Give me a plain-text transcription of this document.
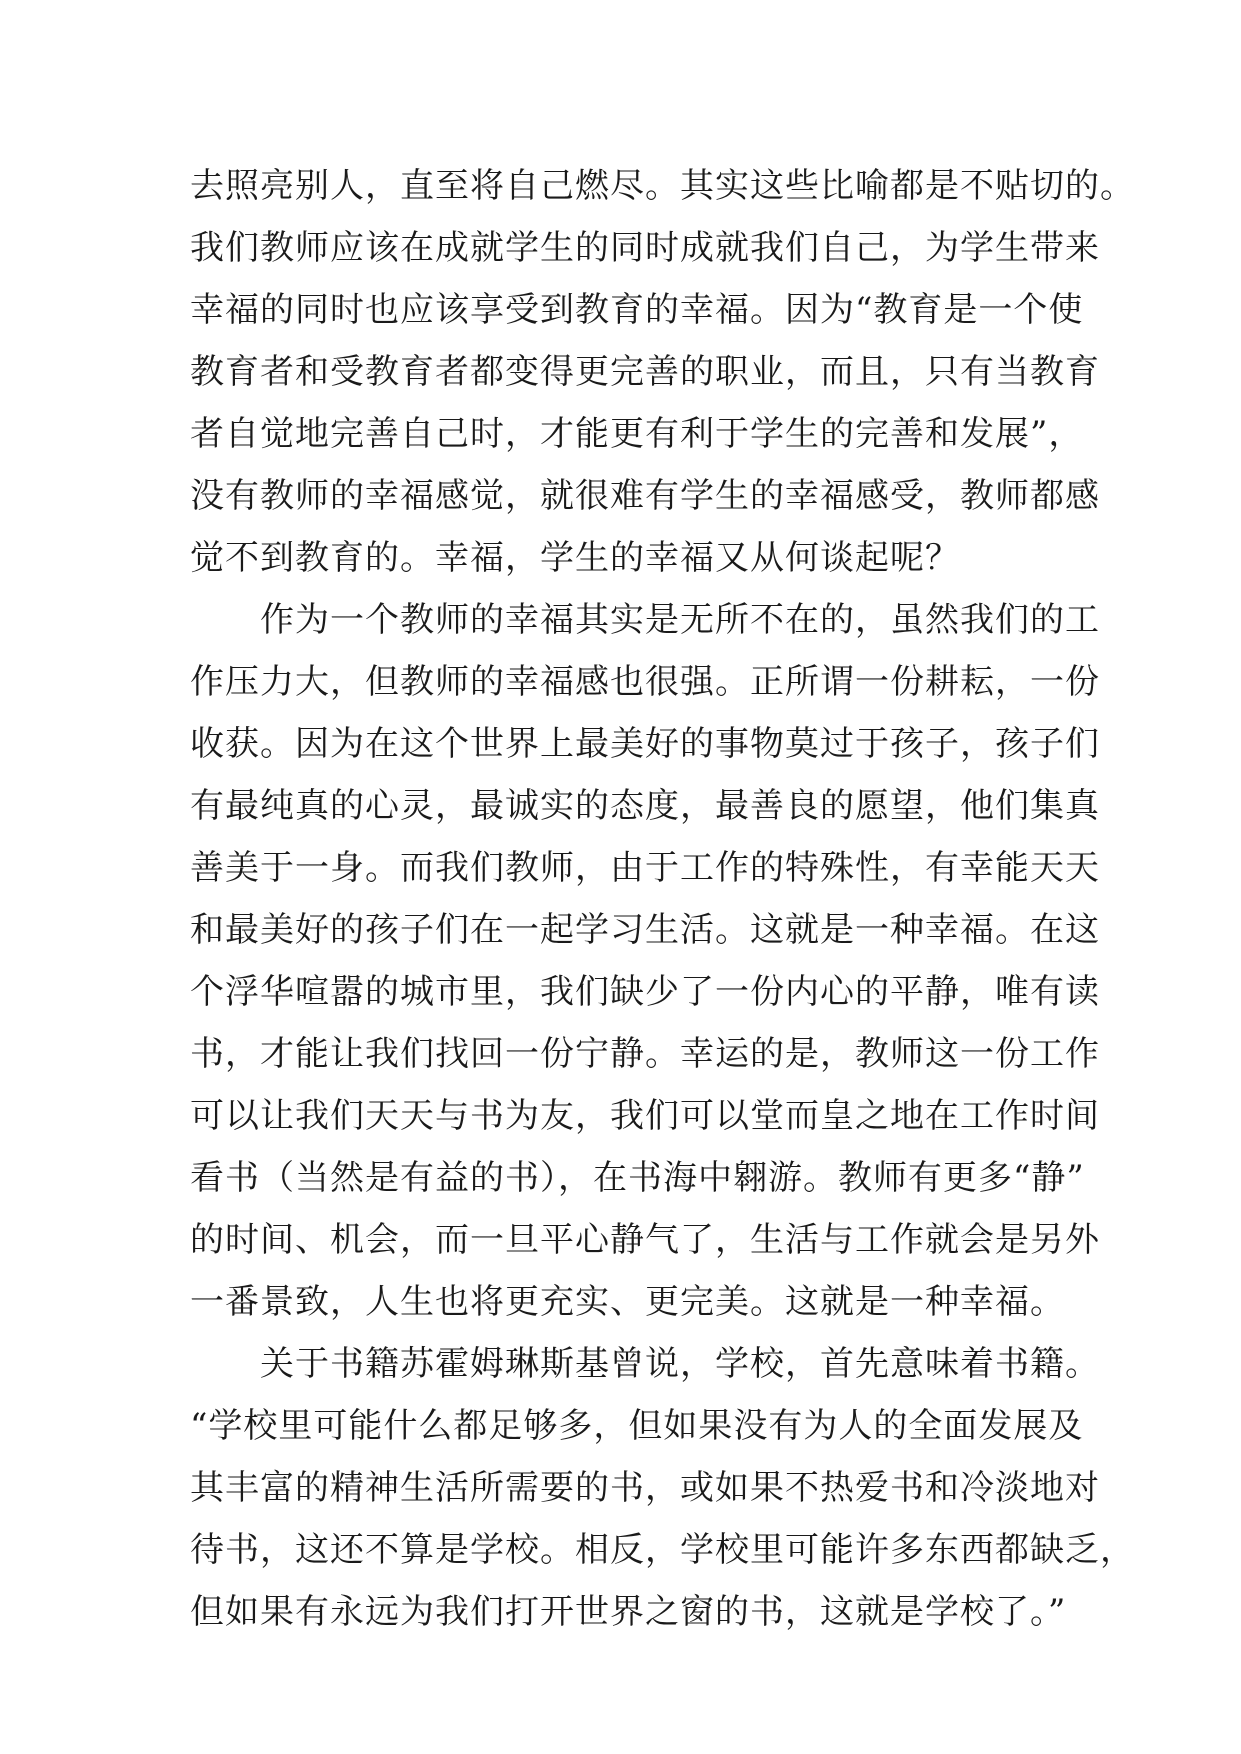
去照亮别人，直至将自己燃尽。其实这些比喻都是不贴切的。
我们教师应该在成就学生的同时成就我们自己，为学生带来
幸福的同时也应该享受到教育的幸福。因为“教育是一个使
教育者和受教育者都变得更完善的职业，而且，只有当教育
者自觉地完善自己时，才能更有利于学生的完善和发展”，
没有教师的幸福感觉，就很难有学生的幸福感受，教师都感
觉不到教育的。幸福，学生的幸福又从何谈起呢？
　　作为一个教师的幸福其实是无所不在的，虽然我们的工
作压力大，但教师的幸福感也很强。正所谓一份耕耘，一份
收获。因为在这个世界上最美好的事物莫过于孩子，孩子们
有最纯真的心灵，最诚实的态度，最善良的愿望，他们集真
善美于一身。而我们教师，由于工作的特殊性，有幸能天天
和最美好的孩子们在一起学习生活。这就是一种幸福。在这
个浮华喧嚣的城市里，我们缺少了一份内心的平静，唯有读
书，才能让我们找回一份宁静。幸运的是，教师这一份工作
可以让我们天天与书为友，我们可以堂而皇之地在工作时间
看书（当然是有益的书），在书海中翱游。教师有更多“静”
的时间、机会，而一旦平心静气了，生活与工作就会是另外
一番景致，人生也将更充实、更完美。这就是一种幸福。
　　关于书籍苏霍姆琳斯基曾说，学校，首先意味着书籍。
“学校里可能什么都足够多，但如果没有为人的全面发展及
其丰富的精神生活所需要的书，或如果不热爱书和冷淡地对
待书，这还不算是学校。相反，学校里可能许多东西都缺乏，
但如果有永远为我们打开世界之窗的书，这就是学校了。”
